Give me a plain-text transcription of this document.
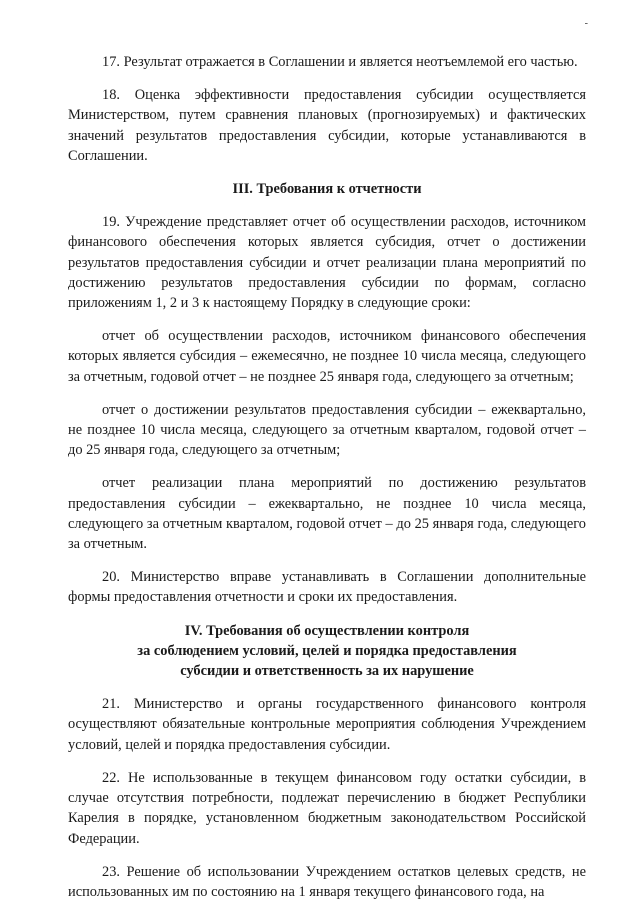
-

17. Результат отражается в Соглашении и является неотъемлемой его частью.

18. Оценка эффективности предоставления субсидии осуществляется Министерством, путем сравнения плановых (прогнозируемых) и фактических значений результатов предоставления субсидии, которые устанавливаются в Соглашении.

III. Требования к отчетности

19. Учреждение представляет отчет об осуществлении расходов, источником финансового обеспечения которых является субсидия, отчет о достижении результатов предоставления субсидии и отчет реализации плана мероприятий по достижению результатов предоставления субсидии по формам, согласно приложениям 1, 2 и 3 к настоящему Порядку в следующие сроки:

отчет об осуществлении расходов, источником финансового обеспечения которых является субсидия – ежемесячно, не позднее 10 числа месяца, следующего за отчетным, годовой отчет – не позднее 25 января года, следующего за отчетным;

отчет о достижении результатов предоставления субсидии – ежеквартально, не позднее 10 числа месяца, следующего за отчетным кварталом, годовой отчет – до 25 января года, следующего за отчетным;

отчет реализации плана мероприятий по достижению результатов предоставления субсидии – ежеквартально, не позднее 10 числа месяца, следующего за отчетным кварталом, годовой отчет – до 25 января года, следующего за отчетным.

20. Министерство вправе устанавливать в Соглашении дополнительные формы предоставления отчетности и сроки их предоставления.

IV. Требования об осуществлении контроля
за соблюдением условий, целей и порядка предоставления
субсидии и ответственность за их нарушение

21. Министерство и органы государственного финансового контроля осуществляют обязательные контрольные мероприятия соблюдения Учреждением условий, целей и порядка предоставления субсидии.

22. Не использованные в текущем финансовом году остатки субсидии, в случае отсутствия потребности, подлежат перечислению в бюджет Республики Карелия в порядке, установленном бюджетным законодательством Российской Федерации.

23. Решение об использовании Учреждением остатков целевых средств, не использованных им по состоянию на 1 января текущего финансового года, на
